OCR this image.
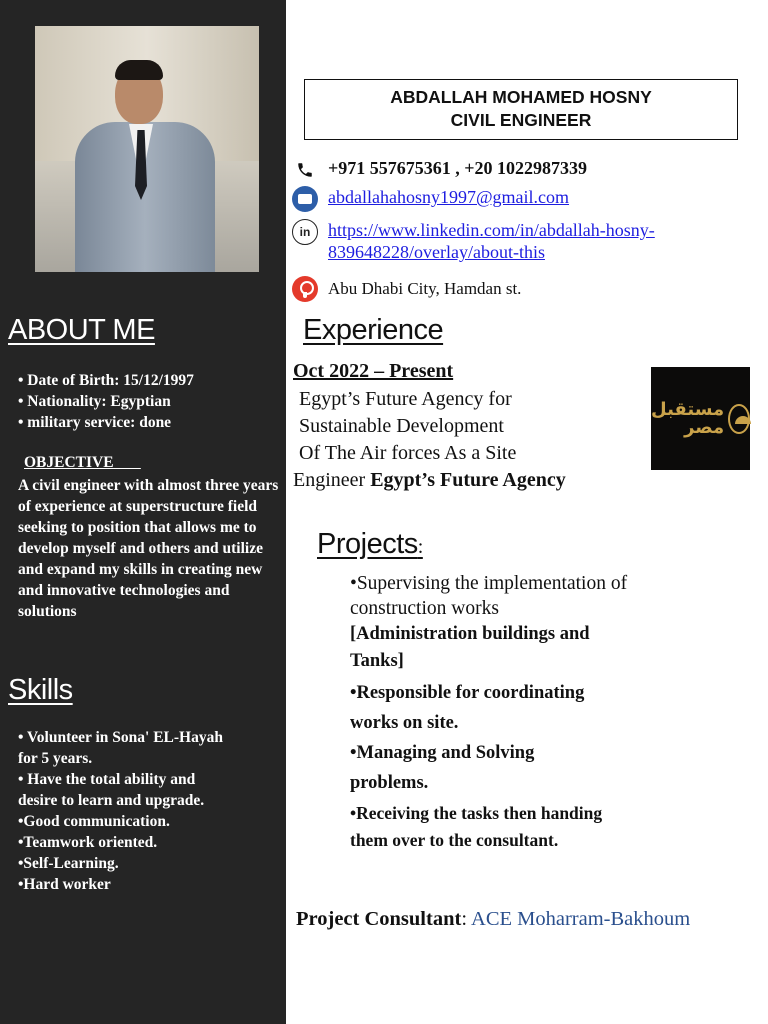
ABOUT ME
• Date of Birth: 15/12/1997
• Nationality: Egyptian
• military service: done
OBJECTIVE
A civil engineer with almost three years of experience at superstructure field seeking to position that allows me to develop myself and others and utilize and expand my skills in creating new and innovative technologies and solutions
Skills
• Volunteer in Sona' EL-Hayah
for 5 years.
• Have the total ability and
desire to learn and upgrade.
•Good communication.
•Teamwork oriented.
•Self-Learning.
•Hard worker
ABDALLAH MOHAMED HOSNY
CIVIL ENGINEER
+971 557675361 , +20 1022987339
abdallahahosny1997@gmail.com
in https://www.linkedin.com/in/abdallah-hosny-
839648228/overlay/about-this
Abu Dhabi City, Hamdan st.
Experience
Oct 2022 – Present
Egypt’s Future Agency for
Sustainable Development
Of The Air forces As a Site
Engineer Egypt’s Future Agency
مستقبل
مصر
Projects:
•Supervising the implementation of
construction works
[Administration buildings and
Tanks]
•Responsible for coordinating
works on site.
•Managing and Solving
problems.
•Receiving the tasks then handing
them over to the consultant.
Project Consultant: ACE Moharram-Bakhoum
